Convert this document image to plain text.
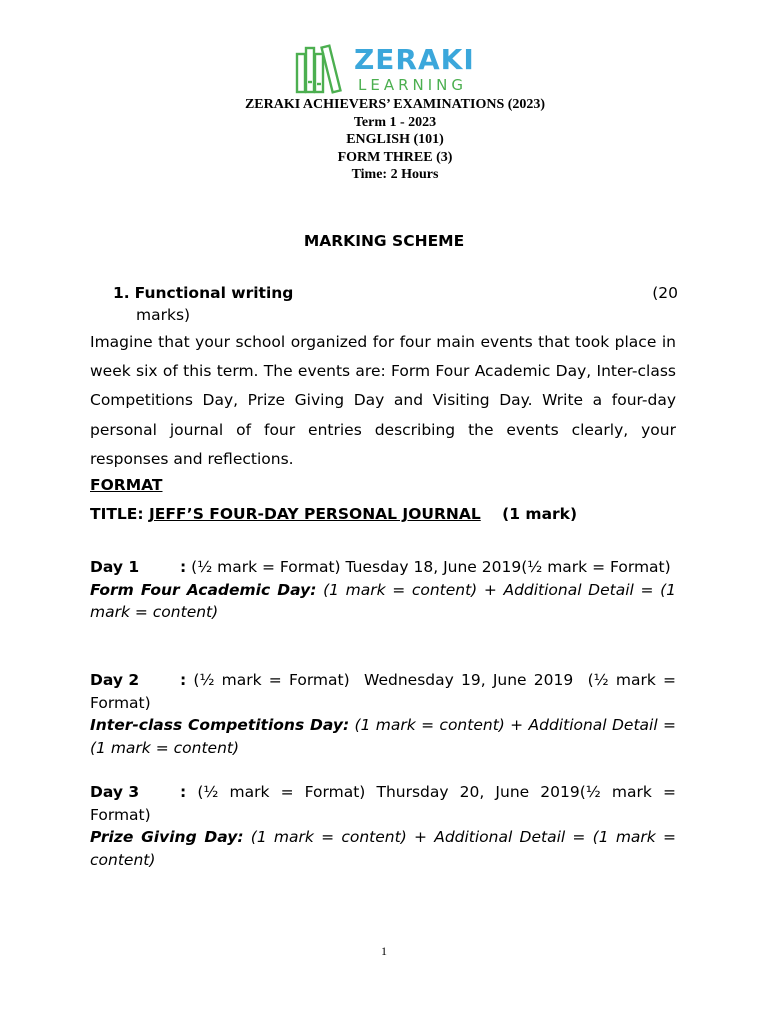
ZERAKI
LEARNING
ZERAKI ACHIEVERS’ EXAMINATIONS (2023)
Term 1 - 2023
ENGLISH (101)
FORM THREE (3)
Time: 2 Hours
MARKING SCHEME
1. Functional writing	(20
marks)
Imagine that your school organized for four main events that took place in week six of this term. The events are: Form Four Academic Day, Inter-class Competitions Day, Prize Giving Day and Visiting Day. Write a four-day personal journal of four entries describing the events clearly, your responses and reflections.
FORMAT
TITLE: JEFF’S FOUR-DAY PERSONAL JOURNAL (1 mark)
Day 1	: (½ mark = Format) Tuesday 18, June 2019(½ mark = Format)
Form Four Academic Day: (1 mark = content) + Additional Detail = (1 mark = content)
Day 2	: (½ mark = Format)  Wednesday 19, June 2019  (½ mark = Format)
Inter-class Competitions Day: (1 mark = content) + Additional Detail = (1 mark = content)
Day 3	: (½ mark = Format) Thursday 20, June 2019(½ mark = Format)
Prize Giving Day: (1 mark = content) + Additional Detail = (1 mark = content)
1
